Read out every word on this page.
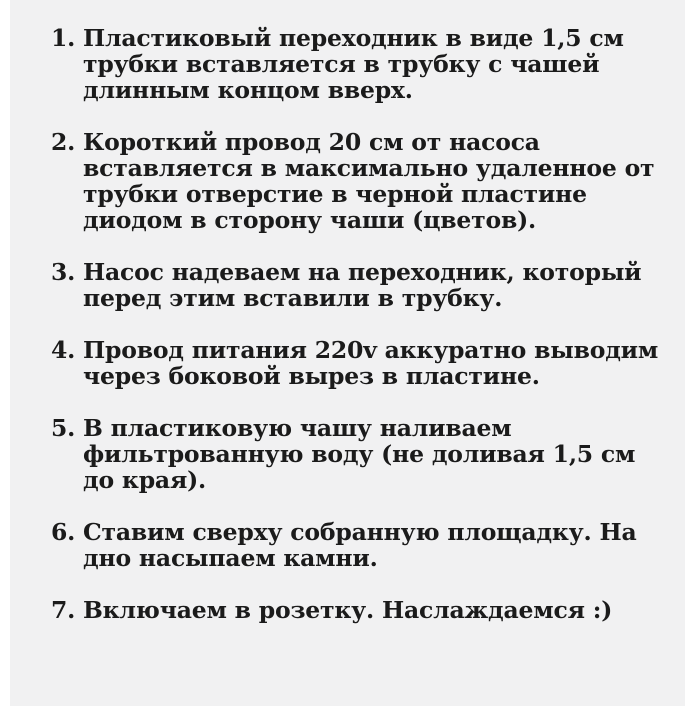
1. Пластиковый переходник в виде 1,5 см трубки вставляется в трубку с чашей длинным концом вверх.
2. Короткий провод 20 см от насоса вставляется в максимально удаленное от трубки отверстие в черной пластине диодом в сторону чаши (цветов).
3. Насос надеваем на переходник, который перед этим вставили в трубку.
4. Провод питания 220v аккуратно выводим через боковой вырез в пластине.
5. В пластиковую чашу наливаем фильтрованную воду (не доливая 1,5 см до края).
6. Ставим сверху собранную площадку. На дно насыпаем камни.
7. Включаем в розетку. Наслаждаемся :)
